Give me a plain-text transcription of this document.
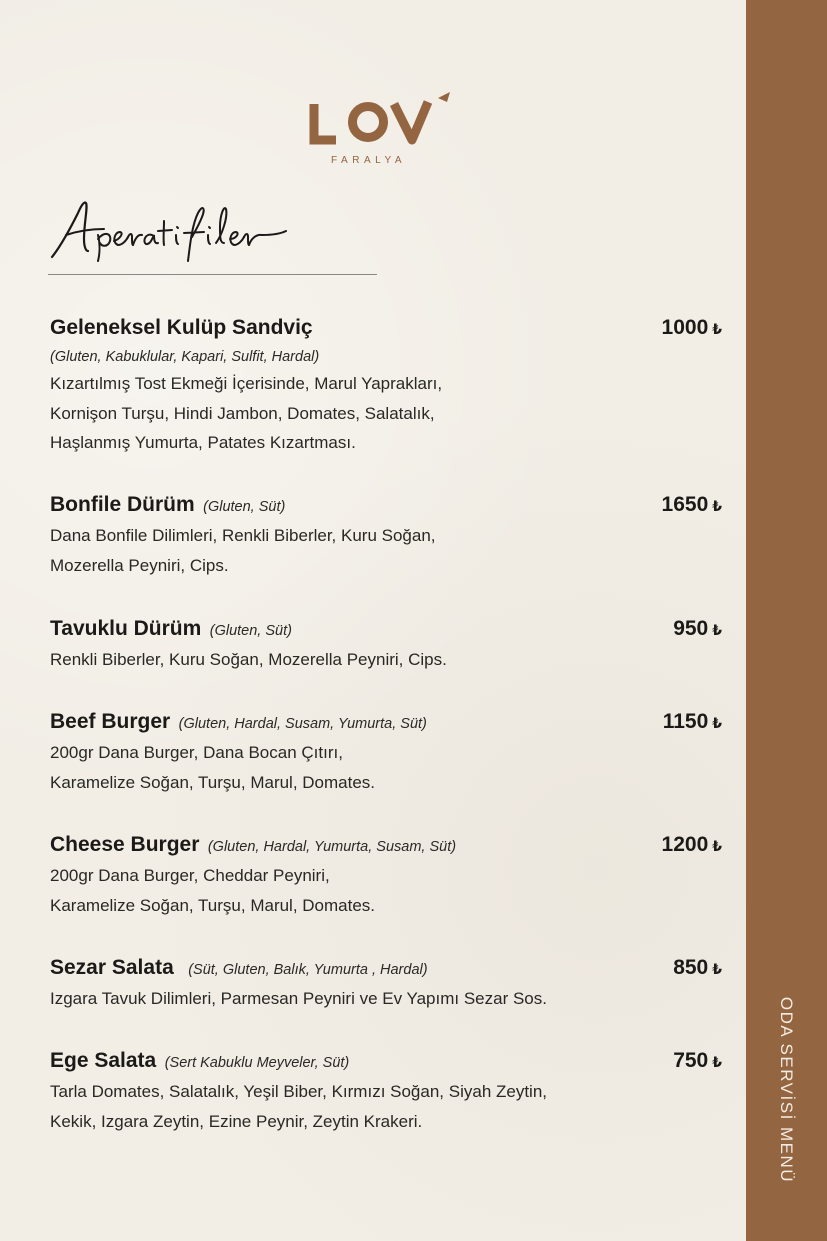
ODA SERVİSİ MENÜ
FARALYA
Geleneksel Kulüp Sandviç
(Gluten, Kabuklular, Kapari, Sulfit, Hardal)
Kızartılmış Tost Ekmeği İçerisinde, Marul Yaprakları,
Kornişon Turşu, Hindi Jambon, Domates, Salatalık,
Haşlanmış Yumurta, Patates Kızartması.
1000 ₺
Bonfile Dürüm (Gluten, Süt)
Dana Bonfile Dilimleri, Renkli Biberler, Kuru Soğan,
Mozerella Peyniri, Cips.
1650 ₺
Tavuklu Dürüm (Gluten, Süt)
Renkli Biberler, Kuru Soğan, Mozerella Peyniri, Cips.
950 ₺
Beef Burger (Gluten, Hardal, Susam, Yumurta, Süt)
200gr Dana Burger, Dana Bocan Çıtırı,
Karamelize Soğan, Turşu, Marul, Domates.
1150 ₺
Cheese Burger (Gluten, Hardal, Yumurta, Susam, Süt)
200gr Dana Burger, Cheddar Peyniri,
Karamelize Soğan, Turşu, Marul, Domates.
1200 ₺
Sezar Salata (Süt, Gluten, Balık, Yumurta , Hardal)
Izgara Tavuk Dilimleri, Parmesan Peyniri ve Ev Yapımı Sezar Sos.
850 ₺
Ege Salata (Sert Kabuklu Meyveler, Süt)
Tarla Domates, Salatalık, Yeşil Biber, Kırmızı Soğan, Siyah Zeytin,
Kekik, Izgara Zeytin, Ezine Peynir, Zeytin Krakeri.
750 ₺
